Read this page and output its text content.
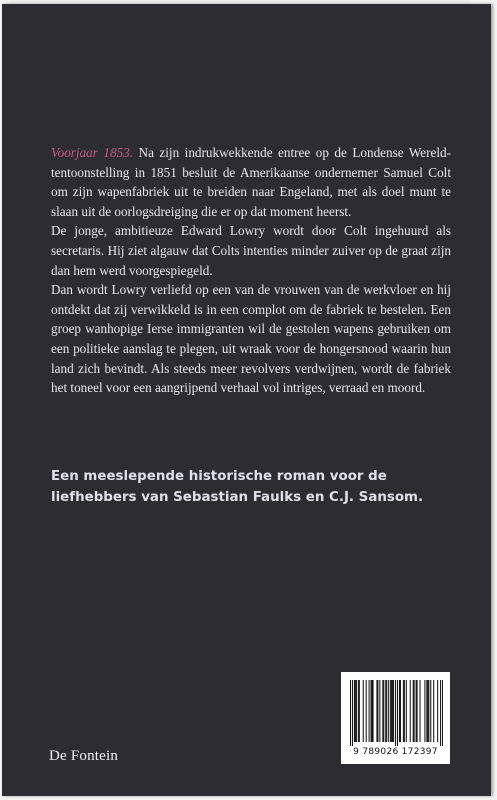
Voorjaar 1853. Na zijn indrukwekkende entree op de Londense Wereld-tentoonstelling in 1851 besluit de Amerikaanse ondernemer Samuel Colt om zijn wapenfabriek uit te breiden naar Engeland, met als doel munt te slaan uit de oorlogsdreiging die er op dat moment heerst.

De jonge, ambitieuze Edward Lowry wordt door Colt ingehuurd als secretaris. Hij ziet algauw dat Colts intenties minder zuiver op de graat zijn dan hem werd voorgespiegeld.

Dan wordt Lowry verliefd op een van de vrouwen van de werkvloer en hij ontdekt dat zij verwikkeld is in een complot om de fabriek te bestelen. Een groep wanhopige Ierse immigranten wil de gestolen wapens gebruiken om een politieke aanslag te plegen, uit wraak voor de hongersnood waarin hun land zich bevindt. Als steeds meer revolvers verdwijnen, wordt de fabriek het toneel voor een aangrijpend verhaal vol intriges, verraad en moord.

Een meeslepende historische roman voor de liefhebbers van Sebastian Faulks en C.J. Sansom.
De Fontein	9 789026 172397
